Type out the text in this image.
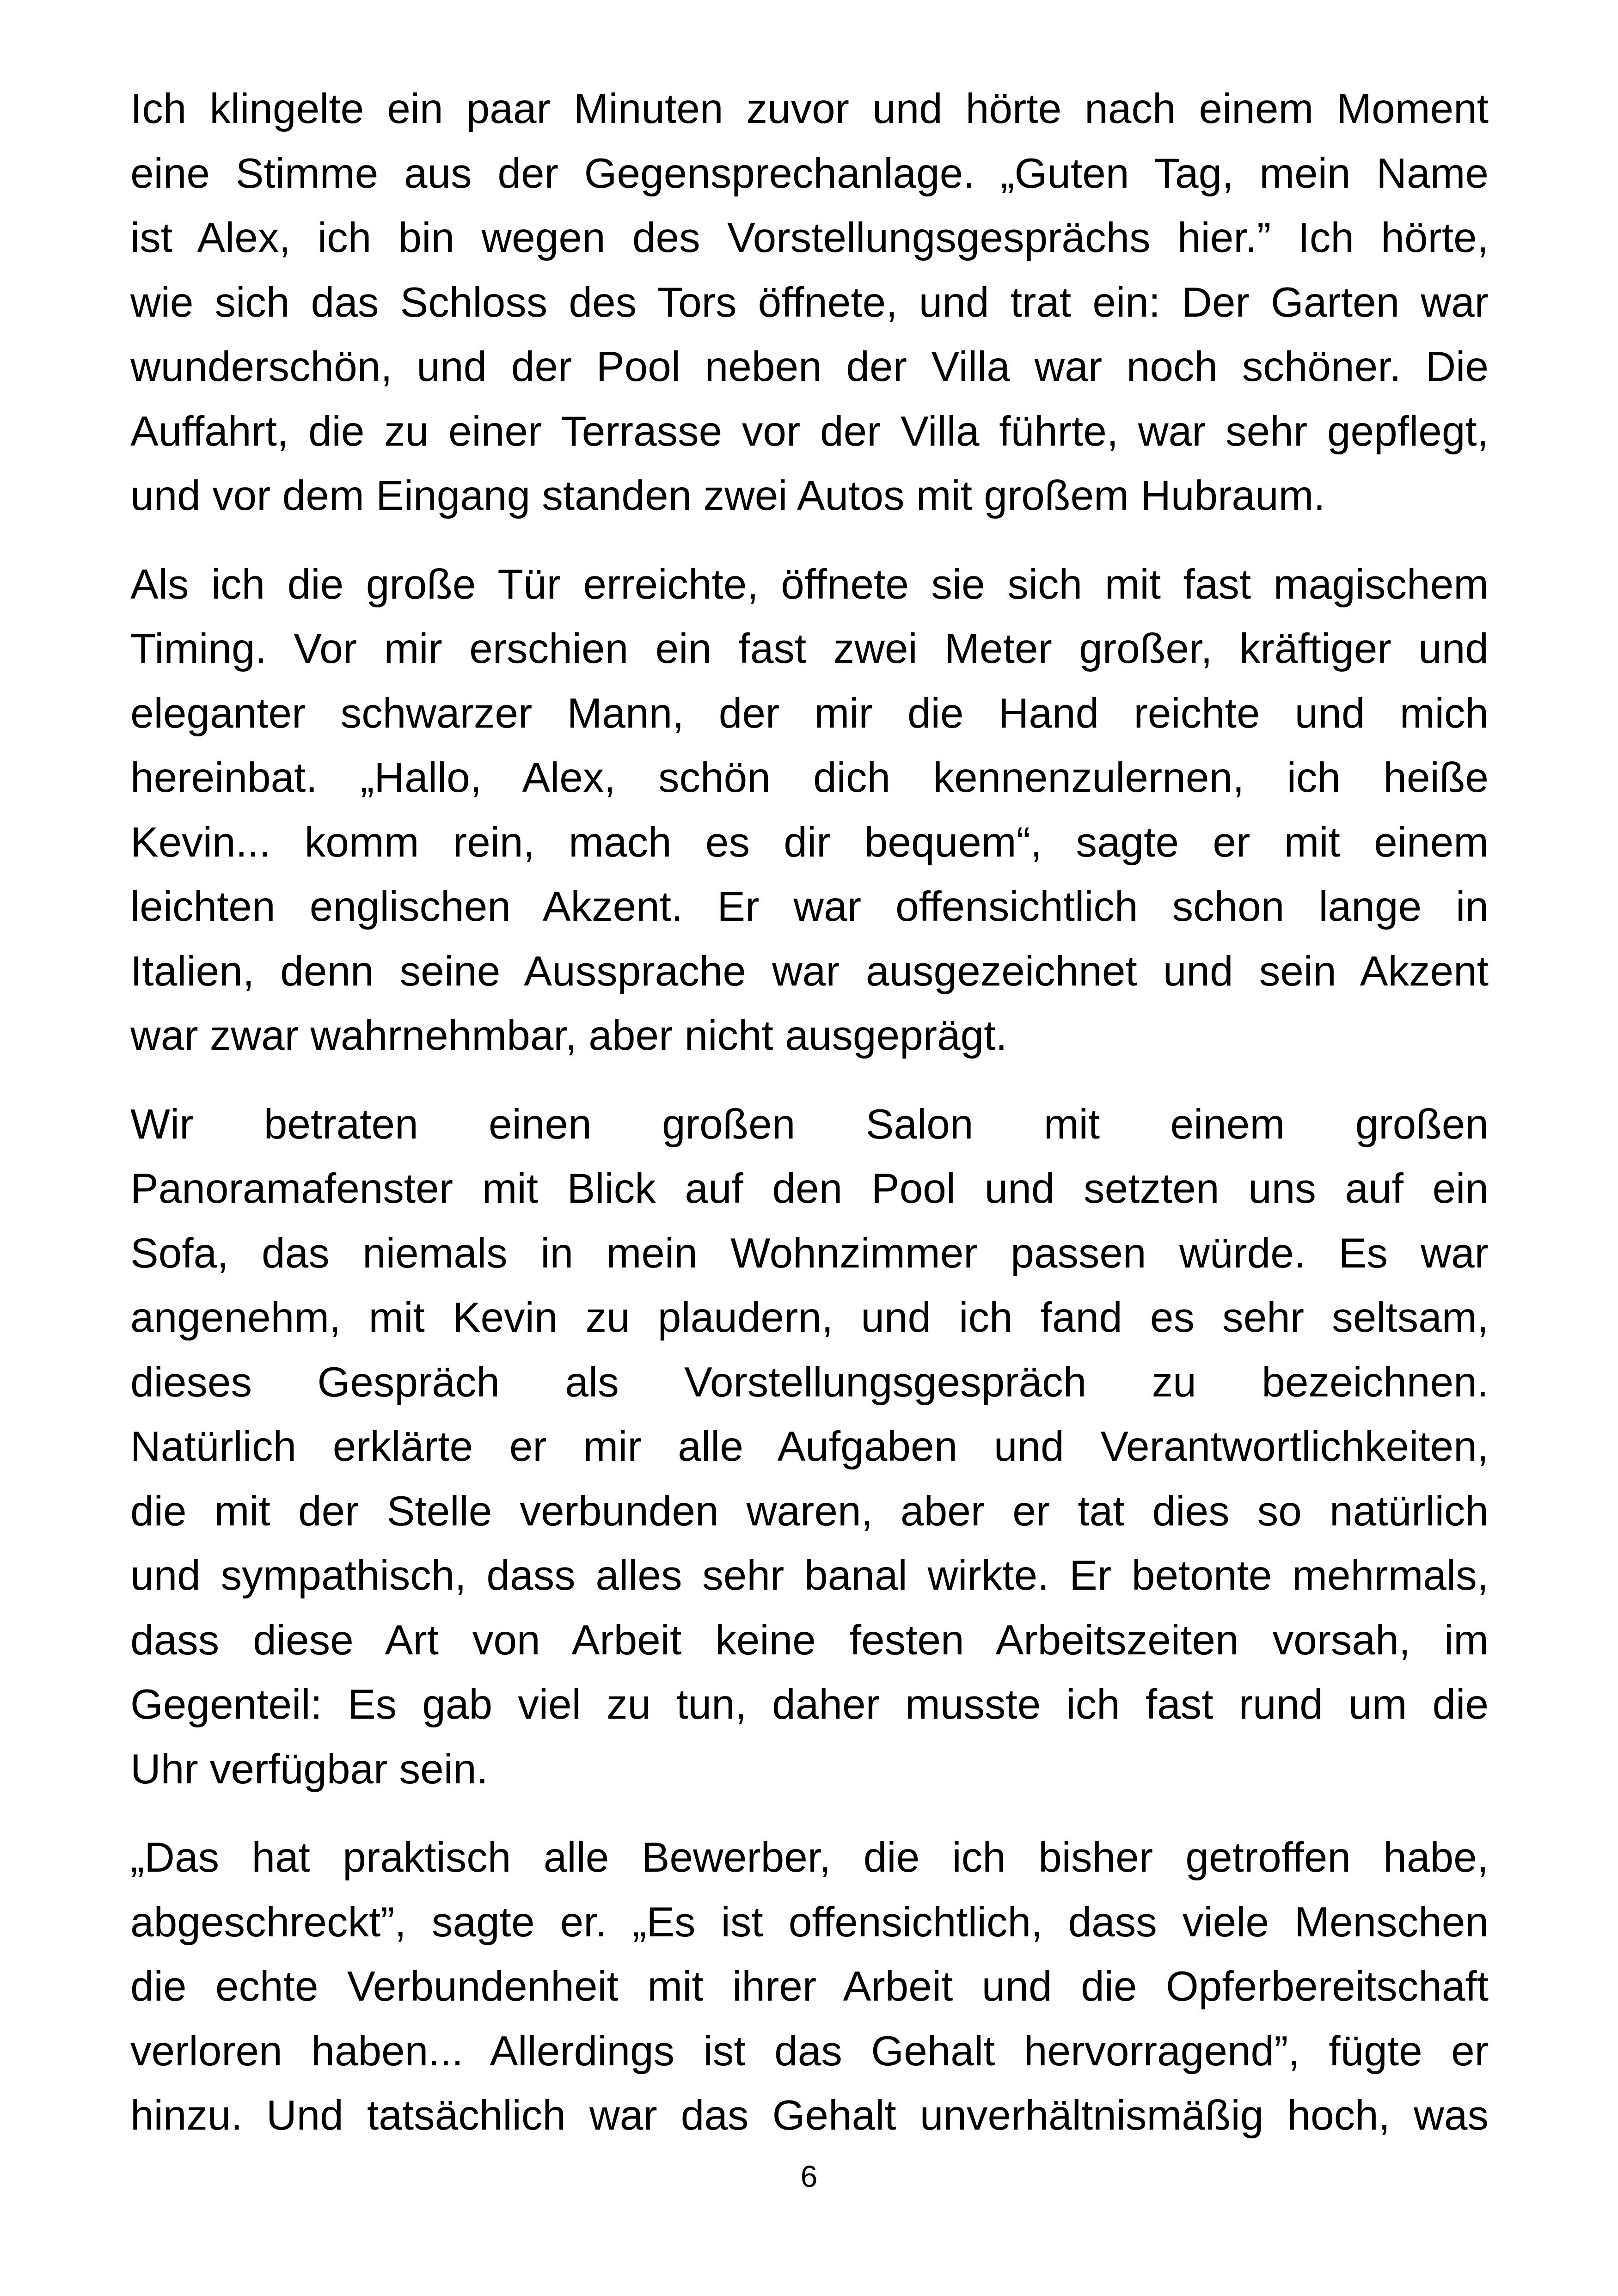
Ich klingelte ein paar Minuten zuvor und hörte nach einem Moment
eine Stimme aus der Gegensprechanlage. „Guten Tag, mein Name
ist Alex, ich bin wegen des Vorstellungsgesprächs hier.” Ich hörte,
wie sich das Schloss des Tors öffnete, und trat ein: Der Garten war
wunderschön, und der Pool neben der Villa war noch schöner. Die
Auffahrt, die zu einer Terrasse vor der Villa führte, war sehr gepflegt,
und vor dem Eingang standen zwei Autos mit großem Hubraum.

Als ich die große Tür erreichte, öffnete sie sich mit fast magischem
Timing. Vor mir erschien ein fast zwei Meter großer, kräftiger und
eleganter schwarzer Mann, der mir die Hand reichte und mich
hereinbat. „Hallo, Alex, schön dich kennenzulernen, ich heiße
Kevin... komm rein, mach es dir bequem“, sagte er mit einem
leichten englischen Akzent. Er war offensichtlich schon lange in
Italien, denn seine Aussprache war ausgezeichnet und sein Akzent
war zwar wahrnehmbar, aber nicht ausgeprägt.

Wir betraten einen großen Salon mit einem großen
Panoramafenster mit Blick auf den Pool und setzten uns auf ein
Sofa, das niemals in mein Wohnzimmer passen würde. Es war
angenehm, mit Kevin zu plaudern, und ich fand es sehr seltsam,
dieses Gespräch als Vorstellungsgespräch zu bezeichnen.
Natürlich erklärte er mir alle Aufgaben und Verantwortlichkeiten,
die mit der Stelle verbunden waren, aber er tat dies so natürlich
und sympathisch, dass alles sehr banal wirkte. Er betonte mehrmals,
dass diese Art von Arbeit keine festen Arbeitszeiten vorsah, im
Gegenteil: Es gab viel zu tun, daher musste ich fast rund um die
Uhr verfügbar sein.

„Das hat praktisch alle Bewerber, die ich bisher getroffen habe,
abgeschreckt”, sagte er. „Es ist offensichtlich, dass viele Menschen
die echte Verbundenheit mit ihrer Arbeit und die Opferbereitschaft
verloren haben... Allerdings ist das Gehalt hervorragend”, fügte er
hinzu. Und tatsächlich war das Gehalt unverhältnismäßig hoch, was

6
